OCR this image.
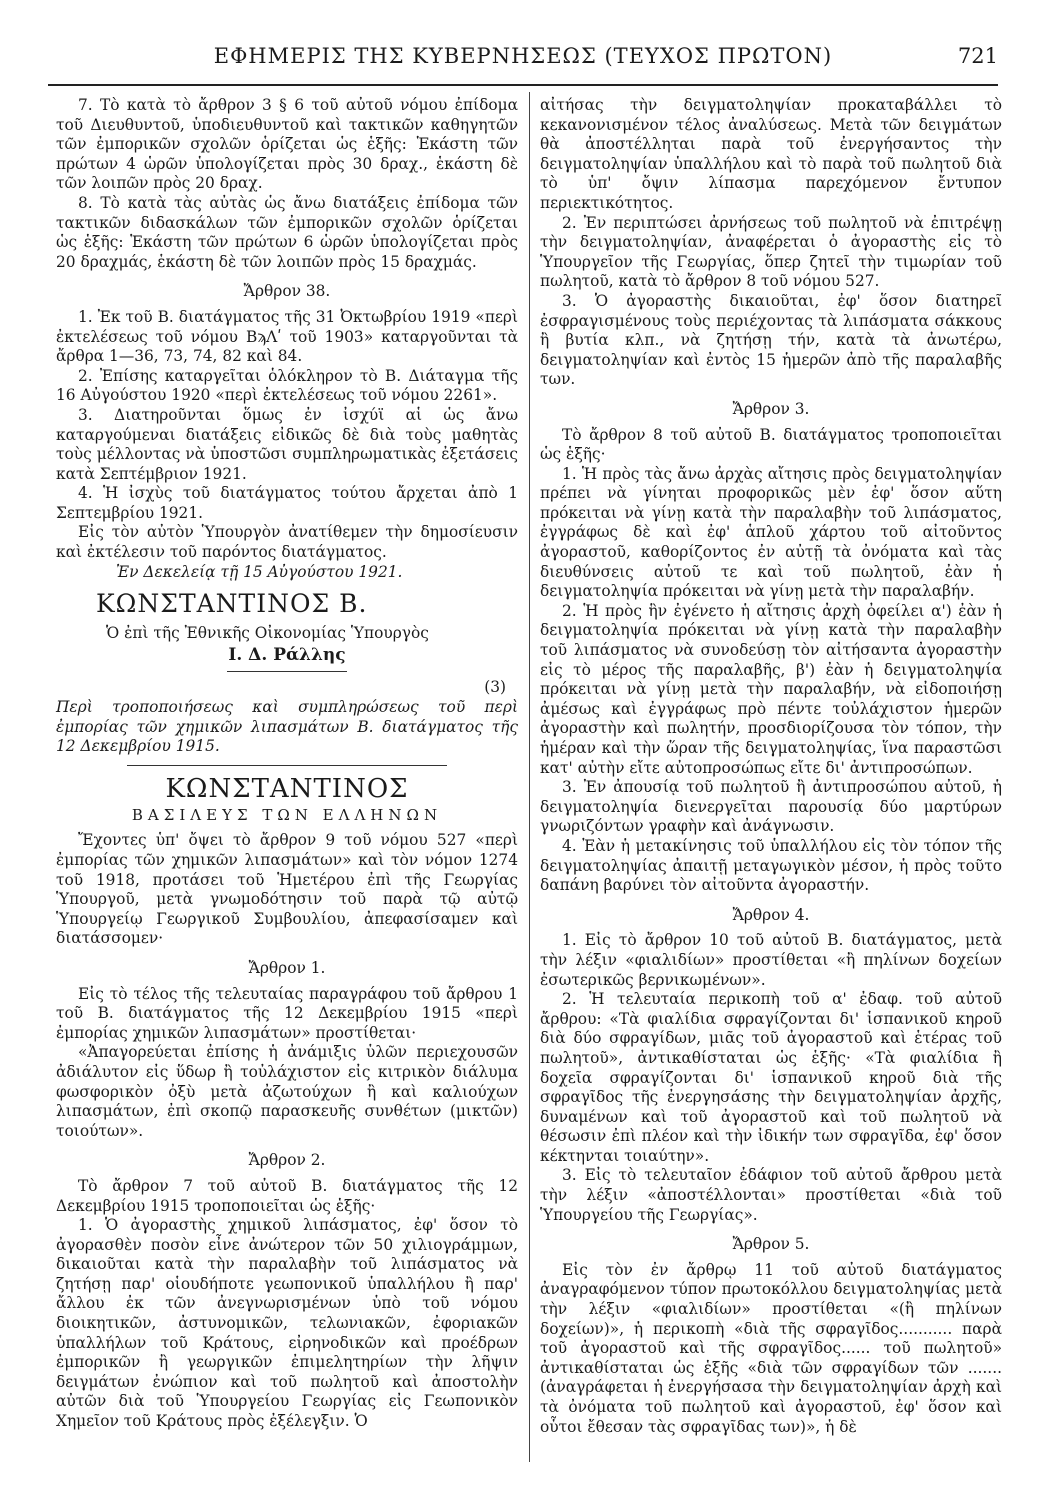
ΕΦΗΜΕΡΙΣ ΤΗΣ ΚΥΒΕΡΝΗΣΕΩΣ (ΤΕΥΧΟΣ ΠΡΩΤΟΝ)	721

7. Τὸ κατὰ τὸ ἄρθρον 3 § 6 τοῦ αὐτοῦ νόμου ἐπίδομα τοῦ Διευθυντοῦ, ὑποδιευθυντοῦ καὶ τακτικῶν καθηγητῶν τῶν ἐμπορικῶν σχολῶν ὁρίζεται ὡς ἑξῆς: Ἑκάστη τῶν πρώτων 4 ὡρῶν ὑπολογίζεται πρὸς 30 δραχ., ἑκάστη δὲ τῶν λοιπῶν πρὸς 20 δραχ.

8. Τὸ κατὰ τὰς αὐτὰς ὡς ἄνω διατάξεις ἐπίδομα τῶν τακτικῶν διδασκάλων τῶν ἐμπορικῶν σχολῶν ὁρίζεται ὡς ἑξῆς: Ἑκάστη τῶν πρώτων 6 ὡρῶν ὑπολογίζεται πρὸς 20 δραχμάς, ἑκάστη δὲ τῶν λοιπῶν πρὸς 15 δραχμάς.

Ἄρθρον 38.

1. Ἐκ τοῦ Β. διατάγματος τῆς 31 Ὀκτωβρίου 1919 «περὶ ἐκτελέσεως τοῦ νόμου ΒϡΛʹ τοῦ 1903» καταργοῦνται τὰ ἄρθρα 1—36, 73, 74, 82 καὶ 84.

2. Ἐπίσης καταργεῖται ὁλόκληρον τὸ Β. Διάταγμα τῆς 16 Αὐγούστου 1920 «περὶ ἐκτελέσεως τοῦ νόμου 2261».

3. Διατηροῦνται ὅμως ἐν ἰσχύϊ αἱ ὡς ἄνω καταργούμεναι διατάξεις εἰδικῶς δὲ διὰ τοὺς μαθητὰς τοὺς μέλλοντας νὰ ὑποστῶσι συμπληρωματικὰς ἐξετάσεις κατὰ Σεπτέμβριον 1921.

4. Ἡ ἰσχὺς τοῦ διατάγματος τούτου ἄρχεται ἀπὸ 1 Σεπτεμβρίου 1921.

Εἰς τὸν αὐτὸν Ὑπουργὸν ἀνατίθεμεν τὴν δημοσίευσιν καὶ ἐκτέλεσιν τοῦ παρόντος διατάγματος.

Ἐν Δεκελείᾳ τῇ 15 Αὐγούστου 1921.

ΚΩΝΣΤΑΝΤΙΝΟΣ Β.

Ὁ ἐπὶ τῆς Ἐθνικῆς Οἰκονομίας Ὑπουργὸς

Ι. Δ. Ράλλης

(3)

Περὶ τροποποιήσεως καὶ συμπληρώσεως τοῦ περὶ ἐμπορίας τῶν χημικῶν λιπασμάτων Β. διατάγματος τῆς 12 Δεκεμβρίου 1915.

ΚΩΝΣΤΑΝΤΙΝΟΣ

ΒΑΣΙΛΕΥΣ ΤΩΝ ΕΛΛΗΝΩΝ

Ἔχοντες ὑπ' ὄψει τὸ ἄρθρον 9 τοῦ νόμου 527 «περὶ ἐμπορίας τῶν χημικῶν λιπασμάτων» καὶ τὸν νόμον 1274 τοῦ 1918, προτάσει τοῦ Ἡμετέρου ἐπὶ τῆς Γεωργίας Ὑπουργοῦ, μετὰ γνωμοδότησιν τοῦ παρὰ τῷ αὐτῷ Ὑπουργείῳ Γεωργικοῦ Συμβουλίου, ἀπεφασίσαμεν καὶ διατάσσομεν·

Ἄρθρον 1.

Εἰς τὸ τέλος τῆς τελευταίας παραγράφου τοῦ ἄρθρου 1 τοῦ Β. διατάγματος τῆς 12 Δεκεμβρίου 1915 «περὶ ἐμπορίας χημικῶν λιπασμάτων» προστίθεται·

«Ἀπαγορεύεται ἐπίσης ἡ ἀνάμιξις ὑλῶν περιεχουσῶν ἀδιάλυτον εἰς ὕδωρ ἢ τοὐλάχιστον εἰς κιτρικὸν διάλυμα φωσφορικὸν ὀξὺ μετὰ ἀζωτούχων ἢ καὶ καλιούχων λιπασμάτων, ἐπὶ σκοπῷ παρασκευῆς συνθέτων (μικτῶν) τοιούτων».

Ἄρθρον 2.

Τὸ ἄρθρον 7 τοῦ αὐτοῦ Β. διατάγματος τῆς 12 Δεκεμβρίου 1915 τροποποιεῖται ὡς ἑξῆς·

1. Ὁ ἀγοραστὴς χημικοῦ λιπάσματος, ἐφ' ὅσον τὸ ἀγορασθὲν ποσὸν εἶνε ἀνώτερον τῶν 50 χιλιογράμμων, δικαιοῦται κατὰ τὴν παραλαβὴν τοῦ λιπάσματος νὰ ζητήσῃ παρ' οἱουδήποτε γεωπονικοῦ ὑπαλλήλου ἢ παρ' ἄλλου ἐκ τῶν ἀνεγνωρισμένων ὑπὸ τοῦ νόμου διοικητικῶν, ἀστυνομικῶν, τελωνιακῶν, ἐφοριακῶν ὑπαλλήλων τοῦ Κράτους, εἰρηνοδικῶν καὶ προέδρων ἐμπορικῶν ἢ γεωργικῶν ἐπιμελητηρίων τὴν λῆψιν δειγμάτων ἐνώπιον καὶ τοῦ πωλητοῦ καὶ ἀποστολὴν αὐτῶν διὰ τοῦ Ὑπουργείου Γεωργίας εἰς Γεωπονικὸν Χημεῖον τοῦ Κράτους πρὸς ἐξέλεγξιν. Ὁ

αἰτήσας τὴν δειγματοληψίαν προκαταβάλλει τὸ κεκανονισμένον τέλος ἀναλύσεως. Μετὰ τῶν δειγμάτων θὰ ἀποστέλληται παρὰ τοῦ ἐνεργήσαντος τὴν δειγματοληψίαν ὑπαλλήλου καὶ τὸ παρὰ τοῦ πωλητοῦ διὰ τὸ ὑπ' ὄψιν λίπασμα παρεχόμενον ἔντυπον περιεκτικότητος.

2. Ἐν περιπτώσει ἀρνήσεως τοῦ πωλητοῦ νὰ ἐπιτρέψῃ τὴν δειγματοληψίαν, ἀναφέρεται ὁ ἀγοραστὴς εἰς τὸ Ὑπουργεῖον τῆς Γεωργίας, ὅπερ ζητεῖ τὴν τιμωρίαν τοῦ πωλητοῦ, κατὰ τὸ ἄρθρον 8 τοῦ νόμου 527.

3. Ὁ ἀγοραστὴς δικαιοῦται, ἐφ' ὅσον διατηρεῖ ἐσφραγισμένους τοὺς περιέχοντας τὰ λιπάσματα σάκκους ἢ βυτία κλπ., νὰ ζητήσῃ τήν, κατὰ τὰ ἀνωτέρω, δειγματοληψίαν καὶ ἐντὸς 15 ἡμερῶν ἀπὸ τῆς παραλαβῆς των.

Ἄρθρον 3.

Τὸ ἄρθρον 8 τοῦ αὐτοῦ Β. διατάγματος τροποποιεῖται ὡς ἑξῆς·

1. Ἡ πρὸς τὰς ἄνω ἀρχὰς αἴτησις πρὸς δειγματοληψίαν πρέπει νὰ γίνηται προφορικῶς μὲν ἐφ' ὅσον αὕτη πρόκειται νὰ γίνῃ κατὰ τὴν παραλαβὴν τοῦ λιπάσματος, ἐγγράφως δὲ καὶ ἐφ' ἁπλοῦ χάρτου τοῦ αἰτοῦντος ἀγοραστοῦ, καθορίζοντος ἐν αὐτῇ τὰ ὀνόματα καὶ τὰς διευθύνσεις αὐτοῦ τε καὶ τοῦ πωλητοῦ, ἐὰν ἡ δειγματοληψία πρόκειται νὰ γίνῃ μετὰ τὴν παραλαβήν.

2. Ἡ πρὸς ἣν ἐγένετο ἡ αἴτησις ἀρχὴ ὀφείλει α') ἐὰν ἡ δειγματοληψία πρόκειται νὰ γίνῃ κατὰ τὴν παραλαβὴν τοῦ λιπάσματος νὰ συνοδεύσῃ τὸν αἰτήσαντα ἀγοραστὴν εἰς τὸ μέρος τῆς παραλαβῆς, β') ἐὰν ἡ δειγματοληψία πρόκειται νὰ γίνῃ μετὰ τὴν παραλαβήν, νὰ εἰδοποιήσῃ ἀμέσως καὶ ἐγγράφως πρὸ πέντε τοὐλάχιστον ἡμερῶν ἀγοραστὴν καὶ πωλητήν, προσδιορίζουσα τὸν τόπον, τὴν ἡμέραν καὶ τὴν ὥραν τῆς δειγματοληψίας, ἵνα παραστῶσι κατ' αὐτὴν εἴτε αὐτοπροσώπως εἴτε δι' ἀντιπροσώπων.

3. Ἐν ἀπουσίᾳ τοῦ πωλητοῦ ἢ ἀντιπροσώπου αὐτοῦ, ἡ δειγματοληψία διενεργεῖται παρουσίᾳ δύο μαρτύρων γνωριζόντων γραφὴν καὶ ἀνάγνωσιν.

4. Ἐὰν ἡ μετακίνησις τοῦ ὑπαλλήλου εἰς τὸν τόπον τῆς δειγματοληψίας ἀπαιτῇ μεταγωγικὸν μέσον, ἡ πρὸς τοῦτο δαπάνη βαρύνει τὸν αἰτοῦντα ἀγοραστήν.

Ἄρθρον 4.

1. Εἰς τὸ ἄρθρον 10 τοῦ αὐτοῦ Β. διατάγματος, μετὰ τὴν λέξιν «φιαλιδίων» προστίθεται «ἢ πηλίνων δοχείων ἐσωτερικῶς βερνικωμένων».

2. Ἡ τελευταία περικοπὴ τοῦ α' ἐδαφ. τοῦ αὐτοῦ ἄρθρου: «Τὰ φιαλίδια σφραγίζονται δι' ἱσπανικοῦ κηροῦ διὰ δύο σφραγίδων, μιᾶς τοῦ ἀγοραστοῦ καὶ ἑτέρας τοῦ πωλητοῦ», ἀντικαθίσταται ὡς ἑξῆς· «Τὰ φιαλίδια ἢ δοχεῖα σφραγίζονται δι' ἱσπανικοῦ κηροῦ διὰ τῆς σφραγῖδος τῆς ἐνεργησάσης τὴν δειγματοληψίαν ἀρχῆς, δυναμένων καὶ τοῦ ἀγοραστοῦ καὶ τοῦ πωλητοῦ νὰ θέσωσιν ἐπὶ πλέον καὶ τὴν ἰδικήν των σφραγῖδα, ἐφ' ὅσον κέκτηνται τοιαύτην».

3. Εἰς τὸ τελευταῖον ἐδάφιον τοῦ αὐτοῦ ἄρθρου μετὰ τὴν λέξιν «ἀποστέλλονται» προστίθεται «διὰ τοῦ Ὑπουργείου τῆς Γεωργίας».

Ἄρθρον 5.

Εἰς τὸν ἐν ἄρθρῳ 11 τοῦ αὐτοῦ διατάγματος ἀναγραφόμενον τύπον πρωτοκόλλου δειγματοληψίας μετὰ τὴν λέξιν «φιαλιδίων» προστίθεται «(ἢ πηλίνων δοχείων)», ἡ περικοπὴ «διὰ τῆς σφραγῖδος........... παρὰ τοῦ ἀγοραστοῦ καὶ τῆς σφραγῖδος...... τοῦ πωλητοῦ» ἀντικαθίσταται ὡς ἑξῆς «διὰ τῶν σφραγίδων τῶν ....... (ἀναγράφεται ἡ ἐνεργήσασα τὴν δειγματοληψίαν ἀρχὴ καὶ τὰ ὀνόματα τοῦ πωλητοῦ καὶ ἀγοραστοῦ, ἐφ' ὅσον καὶ οὗτοι ἔθεσαν τὰς σφραγῖδας των)», ἡ δὲ
